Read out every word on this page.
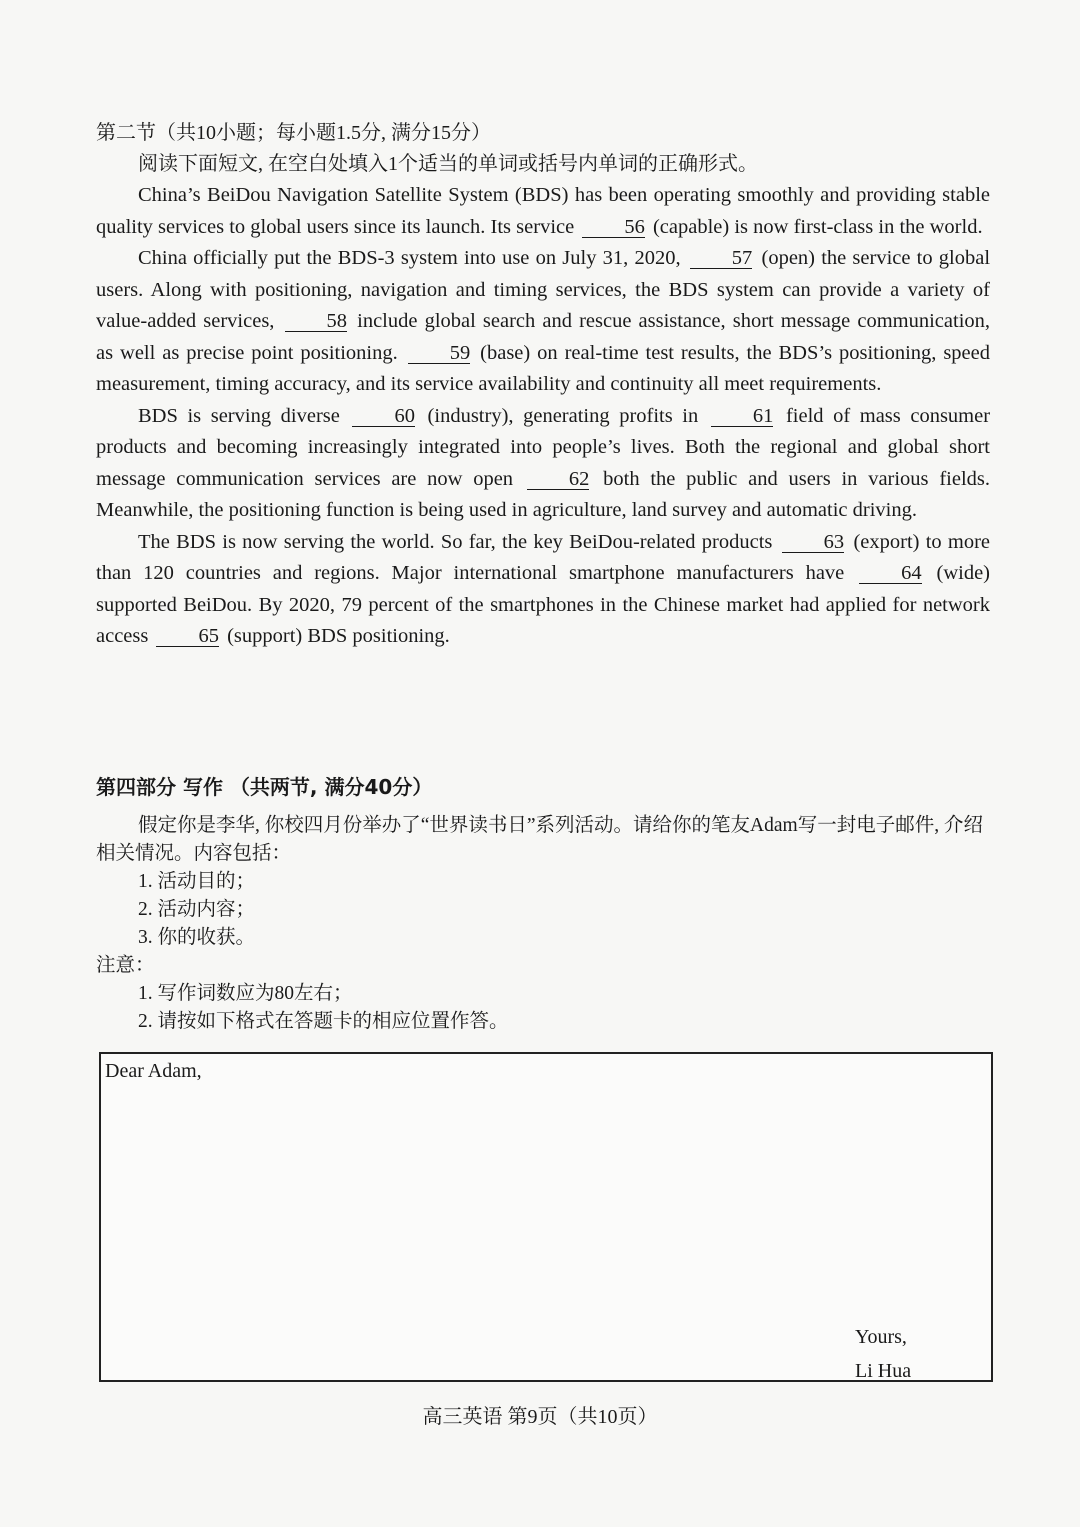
第二节（共10小题；每小题1.5分, 满分15分）
阅读下面短文, 在空白处填入1个适当的单词或括号内单词的正确形式。

China’s BeiDou Navigation Satellite System (BDS) has been operating smoothly and providing stable quality services to global users since its launch. Its service 56 (capable) is now first-class in the world.

China officially put the BDS-3 system into use on July 31, 2020, 57 (open) the service to global users. Along with positioning, navigation and timing services, the BDS system can provide a variety of value-added services,	58 include global search and rescue assistance, short message communication, as well as precise point positioning.	59 (base) on real-time test results, the BDS’s positioning, speed measurement, timing accuracy, and its service availability and continuity all meet requirements.

BDS is serving diverse	60 (industry), generating profits in	61 field of mass consumer products and becoming increasingly integrated into people’s lives. Both the regional and global short message communication services are now open	62 both the public and users in various fields. Meanwhile, the positioning function is being used in agriculture, land survey and automatic driving.

The BDS is now serving the world. So far, the key BeiDou-related products	63 (export) to more than 120 countries and regions. Major international smartphone manufacturers have	64 (wide) supported BeiDou. By 2020, 79 percent of the smartphones in the Chinese market had applied for network access 65 (support) BDS positioning.

第四部分 写作 （共两节, 满分40分）

假定你是李华, 你校四月份举办了“世界读书日”系列活动。请给你的笔友Adam写一封电子邮件, 介绍相关情况。内容包括：

1. 活动目的；

2. 活动内容；

3. 你的收获。

注意：

1. 写作词数应为80左右；

2. 请按如下格式在答题卡的相应位置作答。

Dear Adam,
Yours,
Li Hua
高三英语 第9页（共10页）
